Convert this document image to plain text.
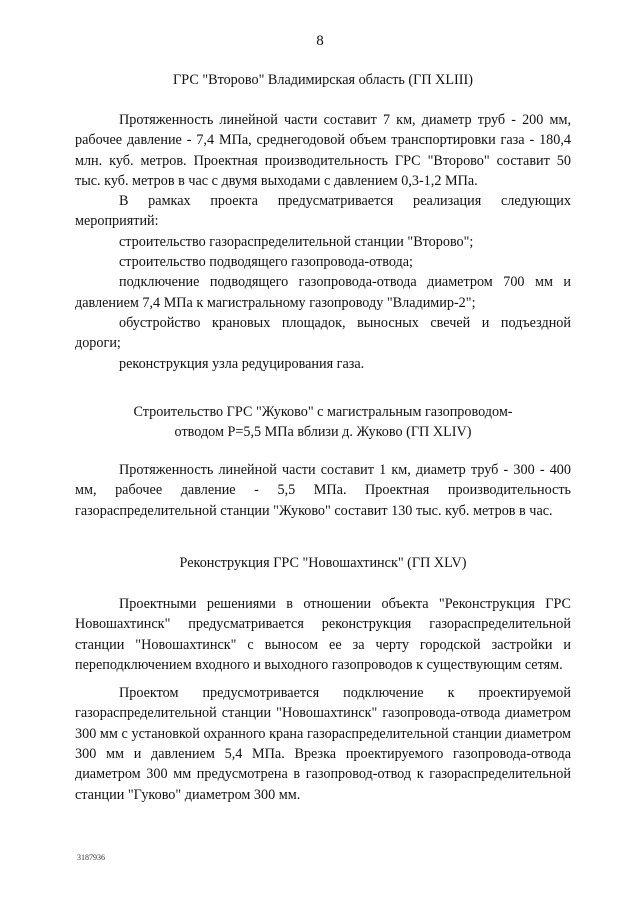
8
ГРС "Второво" Владимирская область (ГП XLIII)

Протяженность линейной части составит 7 км, диаметр труб - 200 мм, рабочее давление - 7,4 МПа, среднегодовой объем транспортировки газа - 180,4 млн. куб. метров. Проектная производительность ГРС "Второво" составит 50 тыс. куб. метров в час с двумя выходами с давлением 0,3-1,2 МПа.

В рамках проекта предусматривается реализация следующих мероприятий:

строительство газораспределительной станции "Второво";

строительство подводящего газопровода-отвода;

подключение подводящего газопровода-отвода диаметром 700 мм и давлением 7,4 МПа к магистральному газопроводу "Владимир-2";

обустройство крановых площадок, выносных свечей и подъездной дороги;

реконструкция узла редуцирования газа.

Строительство ГРС "Жуково" с магистральным газопроводом-
отводом Р=5,5 МПа вблизи д. Жуково (ГП XLIV)

Протяженность линейной части составит 1 км, диаметр труб - 300 - 400 мм, рабочее давление - 5,5 МПа. Проектная производительность газораспределительной станции "Жуково" составит 130 тыс. куб. метров в час.

Реконструкция ГРС "Новошахтинск" (ГП XLV)

Проектными решениями в отношении объекта "Реконструкция ГРС Новошахтинск" предусматривается реконструкция газораспределительной станции "Новошахтинск" с выносом ее за черту городской застройки и переподключением входного и выходного газопроводов к существующим сетям.

Проектом предусмотривается подключение к проектируемой газораспределительной станции "Новошахтинск" газопровода-отвода диаметром 300 мм с установкой охранного крана газораспределительной станции диаметром 300 мм и давлением 5,4 МПа. Врезка проектируемого газопровода-отвода диаметром 300 мм предусмотрена в газопровод-отвод к газораспределительной станции "Гуково" диаметром 300 мм.

3187936
